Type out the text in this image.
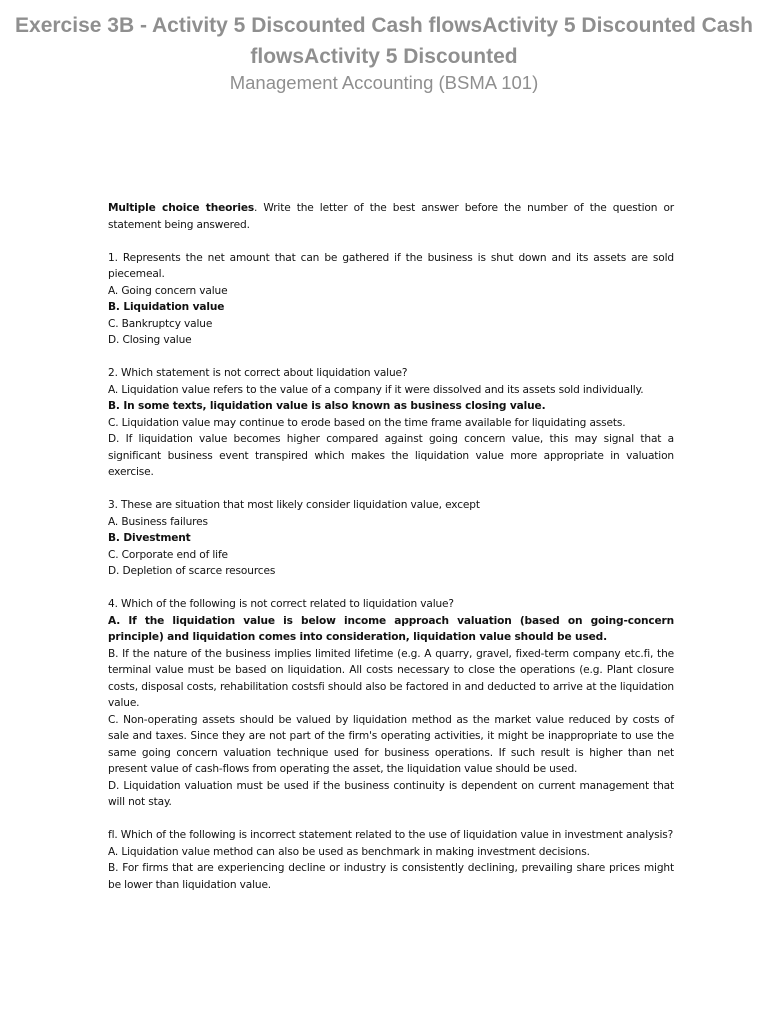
Exercise 3B - Activity 5 Discounted Cash flowsActivity 5 Discounted Cash flowsActivity 5 Discounted

Management Accounting (BSMA 101)

Multiple choice theories. Write the letter of the best answer before the number of the question or statement being answered.

1. Represents the net amount that can be gathered if the business is shut down and its assets are sold piecemeal.

A. Going concern value

B. Liquidation value

C. Bankruptcy value

D. Closing value

2. Which statement is not correct about liquidation value?

A. Liquidation value refers to the value of a company if it were dissolved and its assets sold individually.

B. In some texts, liquidation value is also known as business closing value.

C. Liquidation value may continue to erode based on the time frame available for liquidating assets.

D. If liquidation value becomes higher compared against going concern value, this may signal that a significant business event transpired which makes the liquidation value more appropriate in valuation exercise.

3. These are situation that most likely consider liquidation value, except

A. Business failures

B. Divestment

C. Corporate end of life

D. Depletion of scarce resources

4. Which of the following is not correct related to liquidation value?

A. If the liquidation value is below income approach valuation (based on going-concern principle) and liquidation comes into consideration, liquidation value should be used.

B. If the nature of the business implies limited lifetime (e.g. A quarry, gravel, fixed-term company etc.fi, the terminal value must be based on liquidation. All costs necessary to close the operations (e.g. Plant closure costs, disposal costs, rehabilitation costsfi should also be factored in and deducted to arrive at the liquidation value.

C. Non-operating assets should be valued by liquidation method as the market value reduced by costs of sale and taxes. Since they are not part of the firm's operating activities, it might be inappropriate to use the same going concern valuation technique used for business operations. If such result is higher than net present value of cash-flows from operating the asset, the liquidation value should be used.

D. Liquidation valuation must be used if the business continuity is dependent on current management that will not stay.

fl. Which of the following is incorrect statement related to the use of liquidation value in investment analysis?

A. Liquidation value method can also be used as benchmark in making investment decisions.

B. For firms that are experiencing decline or industry is consistently declining, prevailing share prices might be lower than liquidation value.
